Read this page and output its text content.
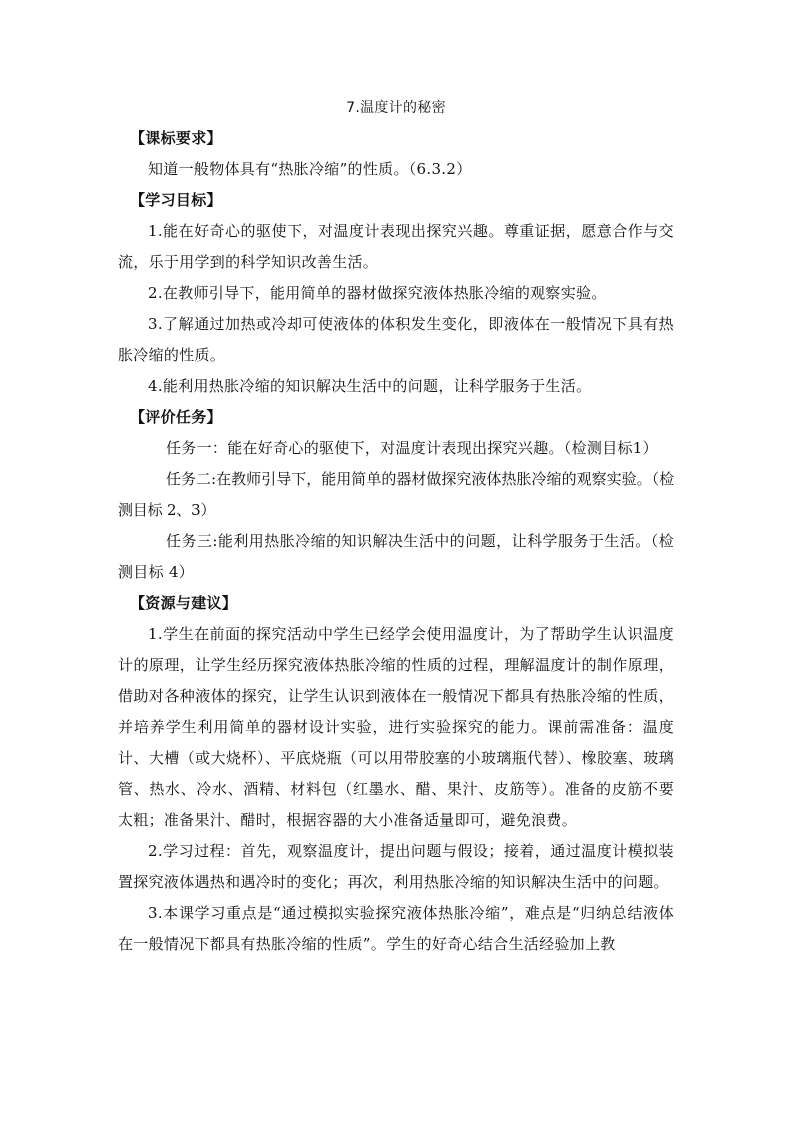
7.温度计的秘密
【课标要求】

知道一般物体具有“热胀冷缩”的性质。（6.3.2）

【学习目标】

1.能在好奇心的驱使下，对温度计表现出探究兴趣。尊重证据，愿意合作与交流，乐于用学到的科学知识改善生活。

2.在教师引导下，能用简单的器材做探究液体热胀冷缩的观察实验。

3.了解通过加热或冷却可使液体的体积发生变化，即液体在一般情况下具有热胀冷缩的性质。

4.能利用热胀冷缩的知识解决生活中的问题，让科学服务于生活。

【评价任务】

任务一：能在好奇心的驱使下，对温度计表现出探究兴趣。（检测目标1）

任务二:在教师引导下，能用简单的器材做探究液体热胀冷缩的观察实验。（检测目标 2、3）

任务三:能利用热胀冷缩的知识解决生活中的问题，让科学服务于生活。（检测目标 4）

【资源与建议】

1.学生在前面的探究活动中学生已经学会使用温度计，为了帮助学生认识温度计的原理，让学生经历探究液体热胀冷缩的性质的过程，理解温度计的制作原理，借助对各种液体的探究，让学生认识到液体在一般情况下都具有热胀冷缩的性质，并培养学生利用简单的器材设计实验，进行实验探究的能力。课前需准备：温度计、大槽（或大烧杯）、平底烧瓶（可以用带胶塞的小玻璃瓶代替）、橡胶塞、玻璃管、热水、冷水、酒精、材料包（红墨水、醋、果汁、皮筋等）。准备的皮筋不要太粗；准备果汁、醋时，根据容器的大小准备适量即可，避免浪费。

2.学习过程：首先，观察温度计，提出问题与假设；接着，通过温度计模拟装置探究液体遇热和遇冷时的变化；再次，利用热胀冷缩的知识解决生活中的问题。

3.本课学习重点是“通过模拟实验探究液体热胀冷缩”，难点是“归纳总结液体在一般情况下都具有热胀冷缩的性质”。学生的好奇心结合生活经验加上教
